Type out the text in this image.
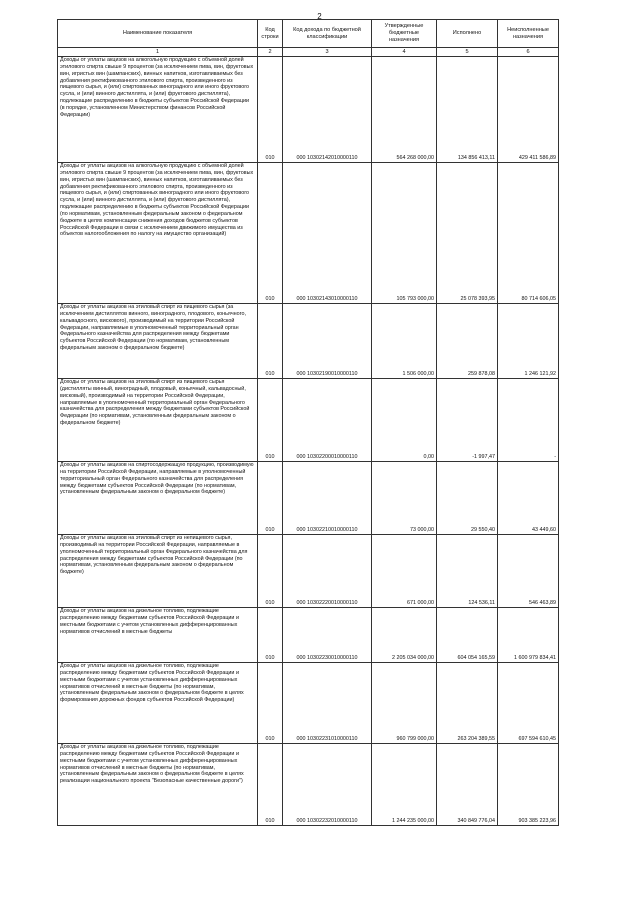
2
Наименование показателя	Код строки	Код дохода по бюджетной классификации	Утвержденные бюджетные назначения	Исполнено	Неисполненные назначения
1	2	3	4	5	6
Доходы от уплаты акцизов на алкогольную продукцию с объемной долей этилового спирта свыше 9 процентов (за исключением пива, вин, фруктовых вин, игристых вин (шампанских), винных напитков, изготавливаемых без добавления ректификованного этилового спирта, произведенного из пищевого сырья, и (или) спиртованных виноградного или иного фруктового сусла, и (или) винного дистиллята, и (или) фруктового дистиллята), подлежащие распределению в бюджеты субъектов Российской Федерации (в порядке, установленном Министерством финансов Российской Федерации)	010	000 10302142010000110	564 268 000,00	134 856 413,11	429 411 586,89
Доходы от уплаты акцизов на алкогольную продукцию с объемной долей этилового спирта свыше 9 процентов (за исключением пива, вин, фруктовых вин, игристых вин (шампанских), винных напитков, изготавливаемых без добавления ректификованного этилового спирта, произведенного из пищевого сырья, и (или) спиртованных виноградного или иного фруктового сусла, и (или) винного дистиллята, и (или) фруктового дистиллята), подлежащие распределению в бюджеты субъектов Российской Федерации (по нормативам, установленным федеральным законом о федеральном бюджете в целях компенсации снижения доходов бюджетов субъектов Российской Федерации в связи с исключением движимого имущества из объектов налогообложения по налогу на имущество организаций)	010	000 10302143010000110	105 793 000,00	25 078 393,95	80 714 606,05
Доходы от уплаты акцизов на этиловый спирт из пищевого сырья (за исключением дистиллятов винного, виноградного, плодового, коньячного, кальвадосного, вискового), производимый на территории Российской Федерации, направляемые в уполномоченный территориальный орган Федерального казначейства для распределения между бюджетами субъектов Российской Федерации (по нормативам, установленным федеральным законом о федеральном бюджете)	010	000 10302190010000110	1 506 000,00	259 878,08	1 246 121,92
Доходы от уплаты акцизов на этиловый спирт из пищевого сырья (дистилляты винный, виноградный, плодовый, коньячный, кальвадосный, висковый), производимый на территории Российской Федерации, направляемые в уполномоченный территориальный орган Федерального казначейства для распределения между бюджетами субъектов Российской Федерации (по нормативам, установленным федеральным законом о федеральном бюджете)	010	000 10302200010000110	0,00	-1 997,47	-
Доходы от уплаты акцизов на спиртосодержащую продукцию, производимую на территории Российской Федерации, направляемые в уполномоченный территориальный орган Федерального казначейства для распределения между бюджетами субъектов Российской Федерации (по нормативам, установленным федеральным законом о федеральном бюджете)	010	000 10302210010000110	73 000,00	29 550,40	43 449,60
Доходы от уплаты акцизов на этиловый спирт из непищевого сырья, производимый на территории Российской Федерации, направляемые в уполномоченный территориальный орган Федерального казначейства для распределения между бюджетами субъектов Российской Федерации (по нормативам, установленным федеральным законом о федеральном бюджете)	010	000 10302220010000110	671 000,00	124 536,11	546 463,89
Доходы от уплаты акцизов на дизельное топливо, подлежащие распределению между бюджетами субъектов Российской Федерации и местными бюджетами с учетом установленных дифференцированных нормативов отчислений в местные бюджеты	010	000 10302230010000110	2 205 034 000,00	604 054 165,59	1 600 979 834,41
Доходы от уплаты акцизов на дизельное топливо, подлежащие распределению между бюджетами субъектов Российской Федерации и местными бюджетами с учетом установленных дифференцированных нормативов отчислений в местные бюджеты (по нормативам, установленным федеральным законом о федеральном бюджете в целях формирования дорожных фондов субъектов Российской Федерации)	010	000 10302231010000110	960 799 000,00	263 204 389,55	697 594 610,45
Доходы от уплаты акцизов на дизельное топливо, подлежащие распределению между бюджетами субъектов Российской Федерации и местными бюджетами с учетом установленных дифференцированных нормативов отчислений в местные бюджеты (по нормативам, установленным федеральным законом о федеральном бюджете в целях реализации национального проекта "Безопасные качественные дороги")	010	000 10302232010000110	1 244 235 000,00	340 849 776,04	903 385 223,96
